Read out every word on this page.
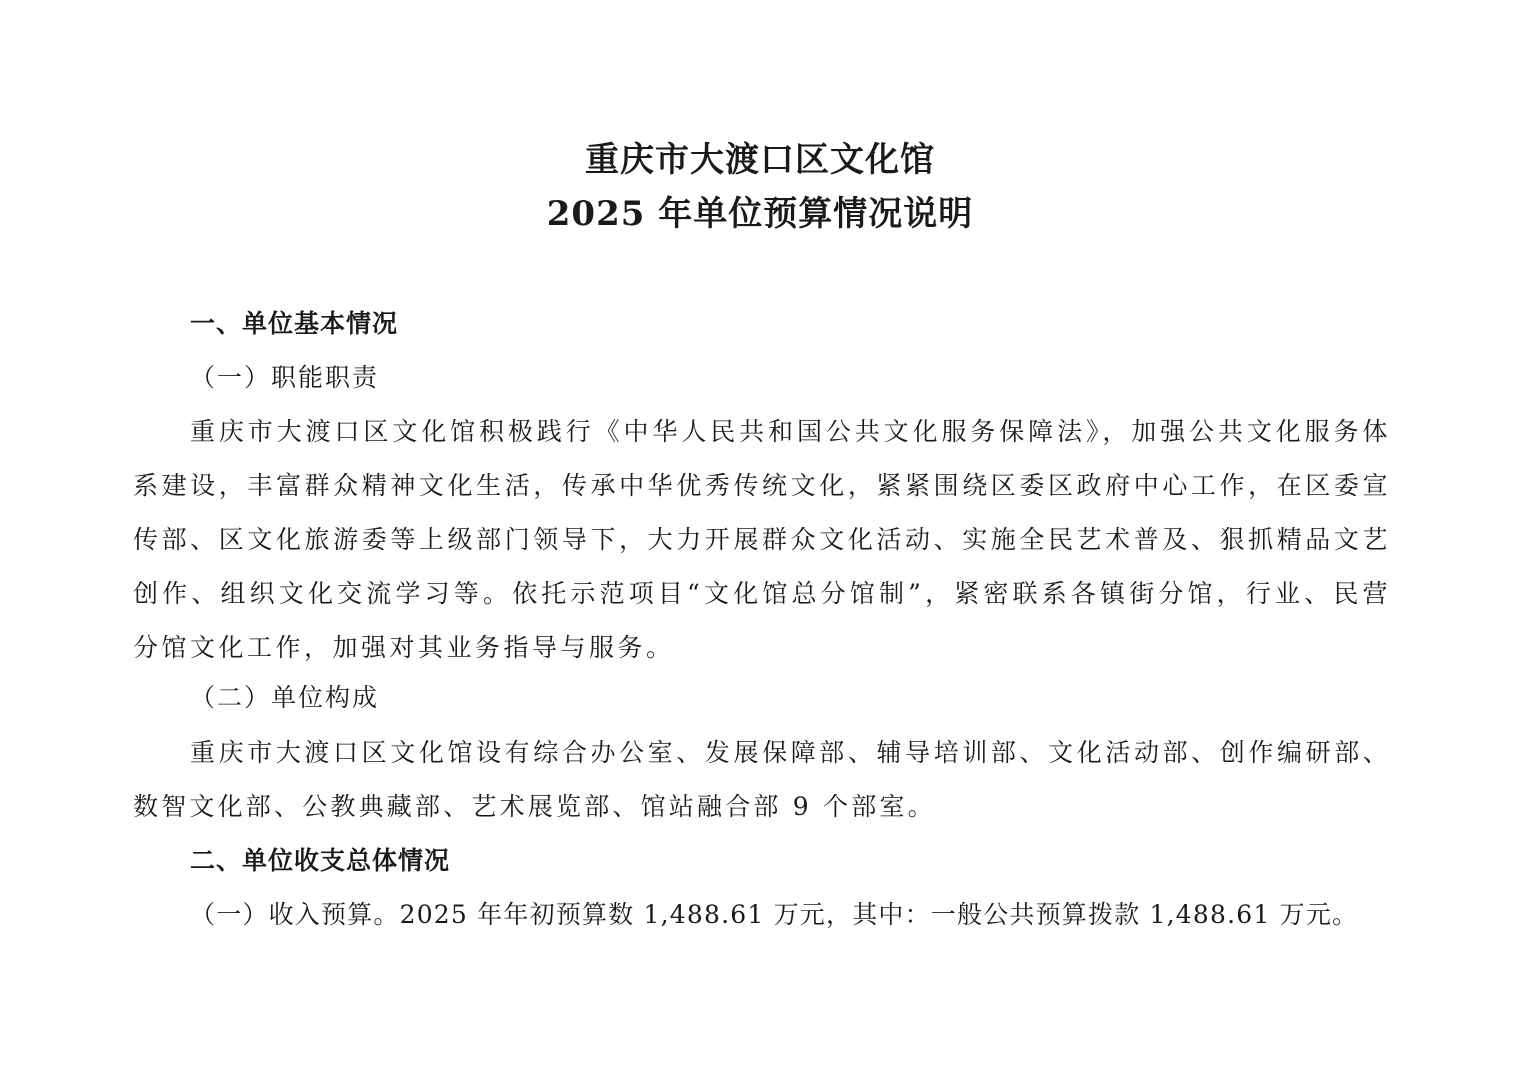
重庆市大渡口区文化馆
2025 年单位预算情况说明
一、单位基本情况
（一）职能职责
重庆市大渡口区文化馆积极践行《中华人民共和国公共文化服务保障法》，加强公共文化服务体系建设，丰富群众精神文化生活，传承中华优秀传统文化，紧紧围绕区委区政府中心工作，在区委宣传部、区文化旅游委等上级部门领导下，大力开展群众文化活动、实施全民艺术普及、狠抓精品文艺创作、组织文化交流学习等。依托示范项目“文化馆总分馆制”，紧密联系各镇街分馆，行业、民营分馆文化工作，加强对其业务指导与服务。
（二）单位构成
重庆市大渡口区文化馆设有综合办公室、发展保障部、辅导培训部、文化活动部、创作编研部、数智文化部、公教典藏部、艺术展览部、馆站融合部 9 个部室。
二、单位收支总体情况
（一）收入预算。2025 年年初预算数 1,488.61 万元，其中：一般公共预算拨款 1,488.61 万元。
